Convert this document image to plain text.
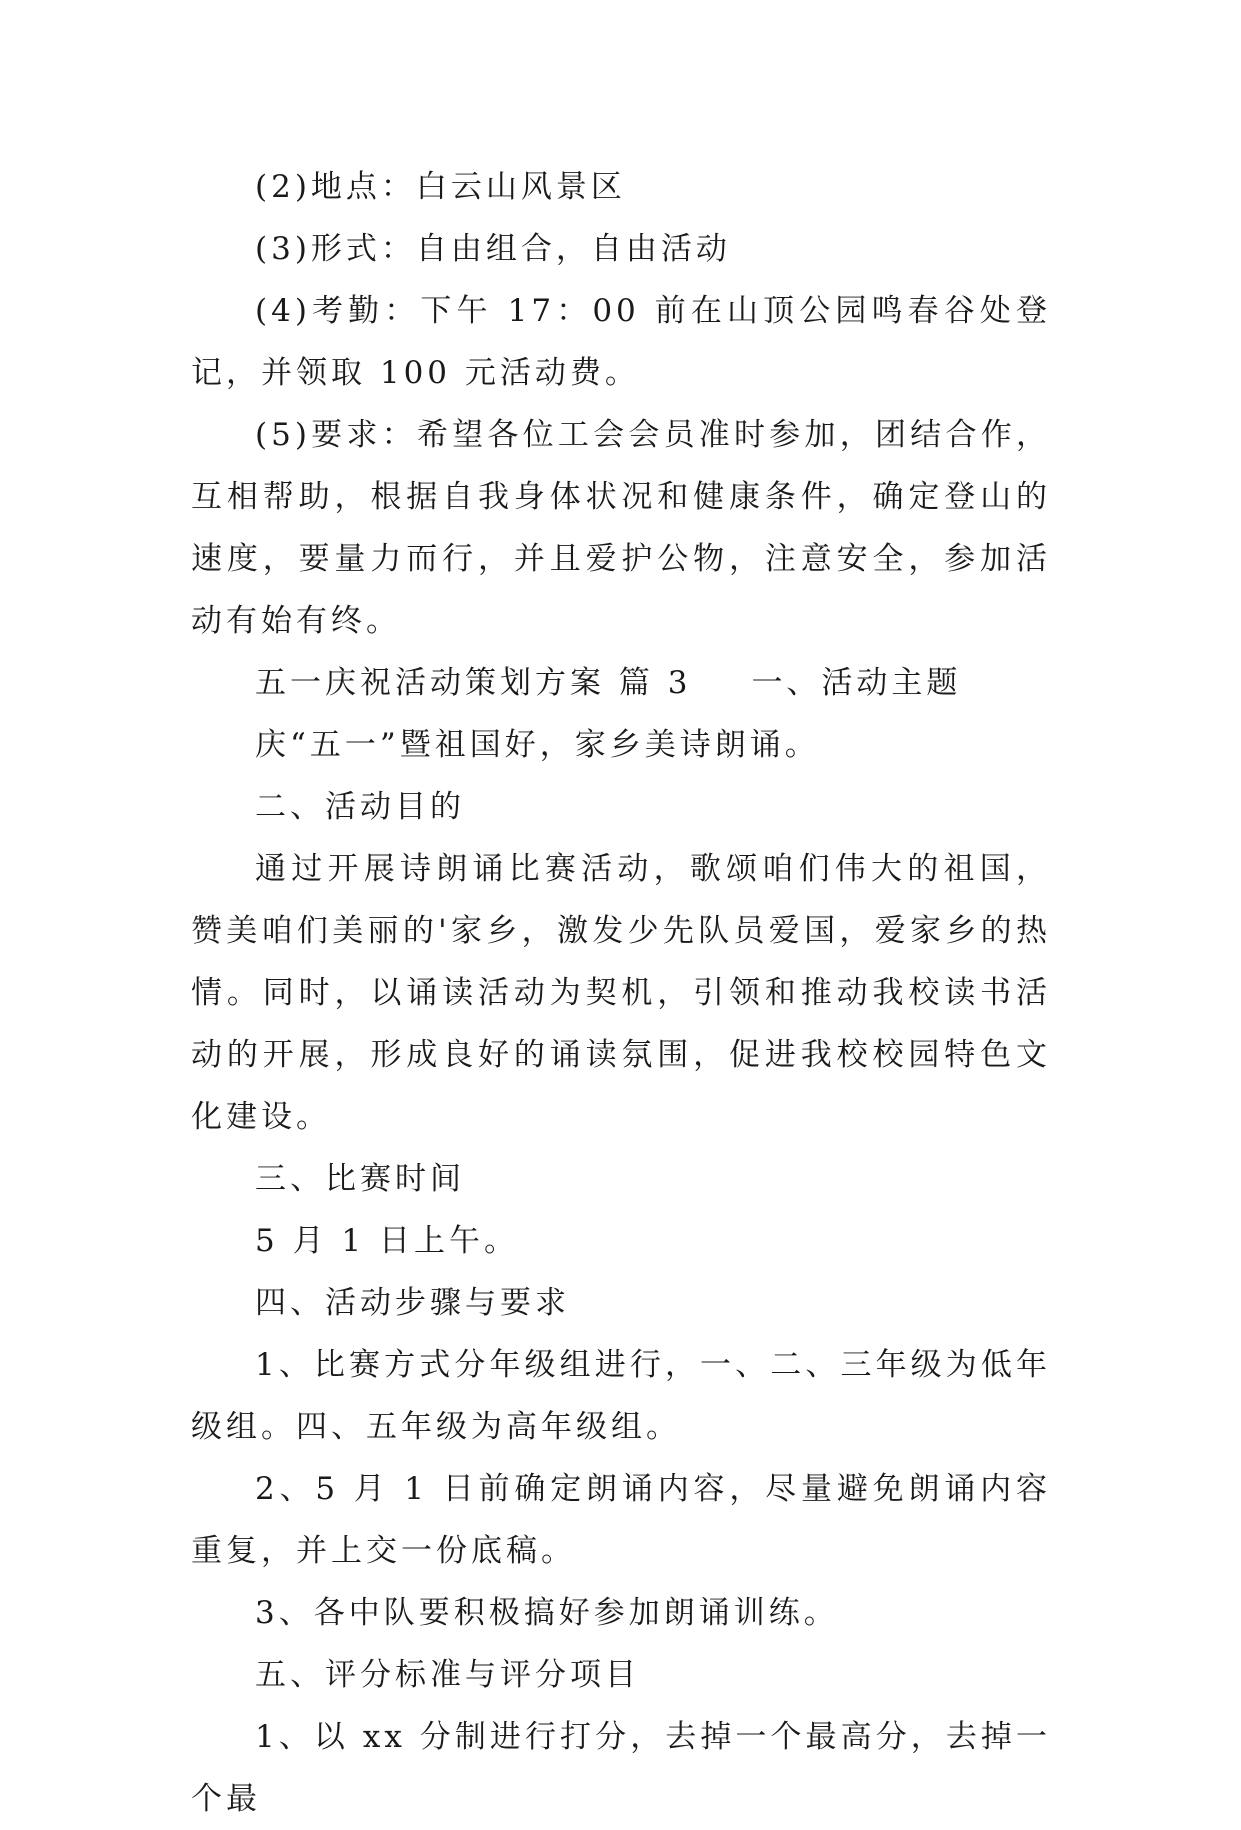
(2)地点：白云山风景区

(3)形式：自由组合，自由活动

(4)考勤：下午 17：00 前在山顶公园鸣春谷处登记，并领取 100 元活动费。

(5)要求：希望各位工会会员准时参加，团结合作，互相帮助，根据自我身体状况和健康条件，确定登山的速度，要量力而行，并且爱护公物，注意安全，参加活动有始有终。

五一庆祝活动策划方案 篇 3 一、活动主题

庆“五一”暨祖国好，家乡美诗朗诵。

二、活动目的

通过开展诗朗诵比赛活动，歌颂咱们伟大的祖国，赞美咱们美丽的'家乡，激发少先队员爱国，爱家乡的热情。同时，以诵读活动为契机，引领和推动我校读书活动的开展，形成良好的诵读氛围，促进我校校园特色文化建设。

三、比赛时间

5 月 1 日上午。

四、活动步骤与要求

1、比赛方式分年级组进行，一、二、三年级为低年级组。四、五年级为高年级组。

2、5 月 1 日前确定朗诵内容，尽量避免朗诵内容重复，并上交一份底稿。

3、各中队要积极搞好参加朗诵训练。

五、评分标准与评分项目

1、以 xx 分制进行打分，去掉一个最高分，去掉一个最
